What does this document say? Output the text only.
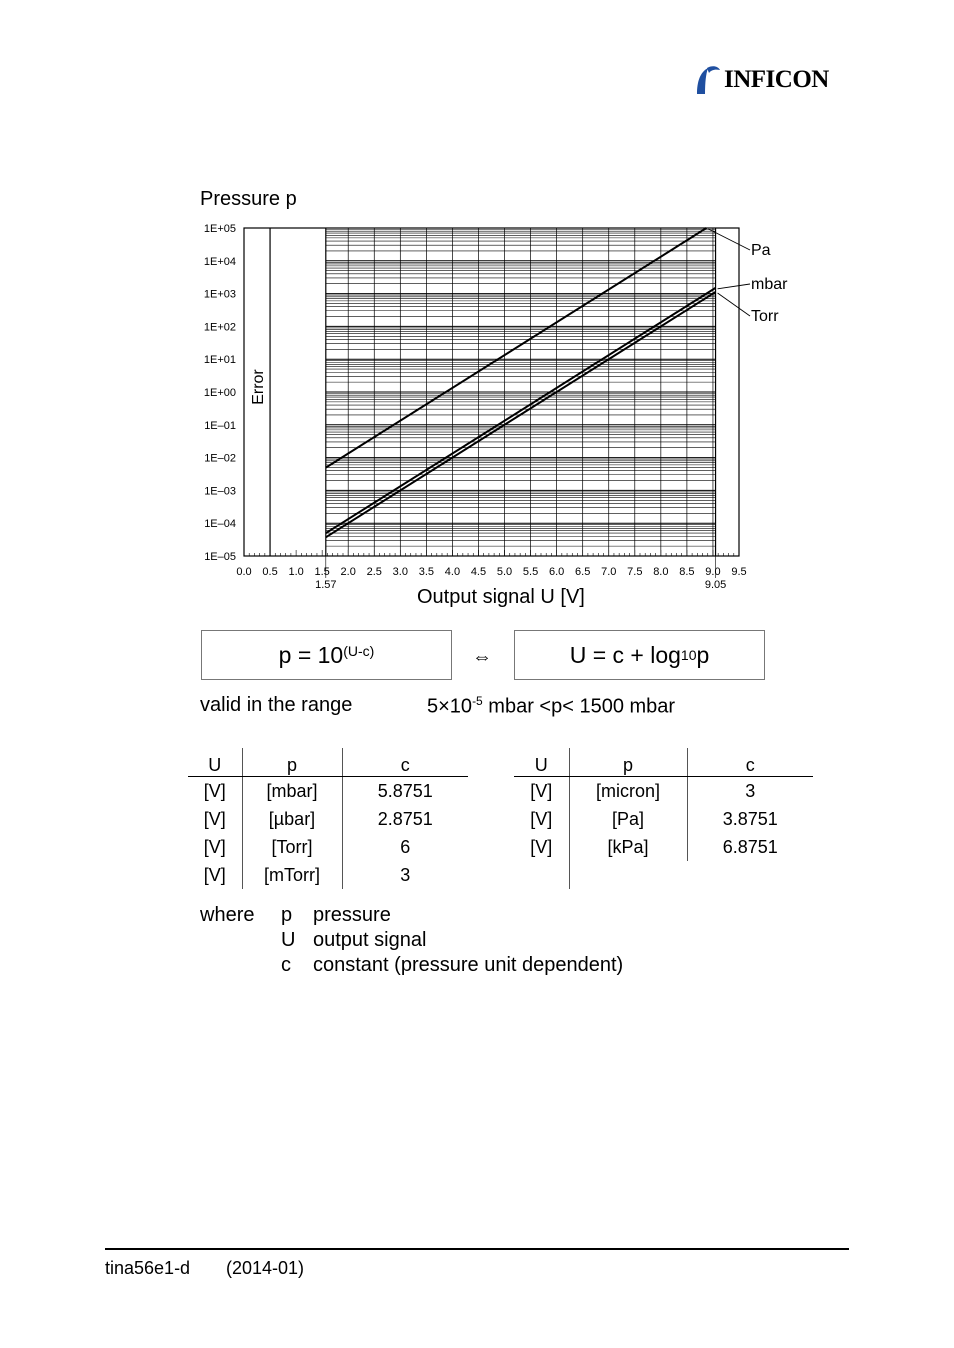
INFICON
Pressure p
Error
1E+05
1E+04
1E+03
1E+02
1E+01
1E+00
1E–01
1E–02
1E–03
1E–04
1E–05
0.0 0.5 1.0 1.5 2.0 2.5 3.0 3.5 4.0 4.5 5.0 5.5 6.0 6.5 7.0 7.5 8.0 8.5 9.0 9.5
1.57	9.05
Pa
mbar
Torr
Output signal U [V]
$p = 10^{(U-c)}$	⇔	U = c + log 10 p
valid in the range	$5\times 10^{-5}$ mbar <p< 1500 mbar
U	p	c
[V]	[mbar]	5.8751
[V]	[µbar]	2.8751
[V]	[Torr]	6
[V]	[mTorr]	3
U	p	c
[V]	[micron]	3
[V]	[Pa]	3.8751
[V]	[kPa]	6.8751

where	p	pressure
U output signal
c	constant (pressure unit dependent)
tina56e1-d (2014-01)
